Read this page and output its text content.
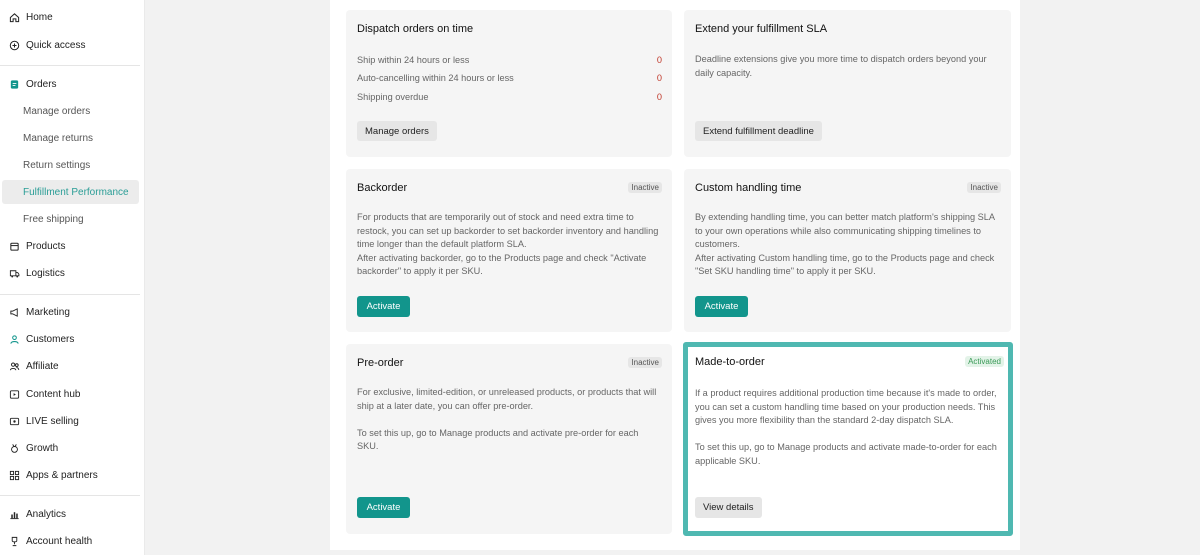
Home
Quick access
Orders
Manage orders
Manage returns
Return settings
Fulfillment Performance
Free shipping
Products
Logistics
Marketing
Customers
Affiliate
Content hub
LIVE selling
Growth
Apps & partners
Analytics
Account health
Dispatch orders on time
Ship within 24 hours or less	0
Auto-cancelling within 24 hours or less	0
Shipping overdue	0
Manage orders
Extend your fulfillment SLA
Deadline extensions give you more time to dispatch orders beyond your daily capacity.
Extend fulfillment deadline
Backorder	Inactive
For products that are temporarily out of stock and need extra time to restock, you can set up backorder to set backorder inventory and handling time longer than the default platform SLA.
After activating backorder, go to the Products page and check "Activate backorder" to apply it per SKU.
Activate
Custom handling time	Inactive
By extending handling time, you can better match platform's shipping SLA to your own operations while also communicating shipping timelines to customers.
After activating Custom handling time, go to the Products page and check "Set SKU handling time" to apply it per SKU.
Activate
Pre-order	Inactive
For exclusive, limited-edition, or unreleased products, or products that will ship at a later date, you can offer pre-order.
To set this up, go to Manage products and activate pre-order for each SKU.
Activate
Made-to-order	Activated
If a product requires additional production time because it's made to order, you can set a custom handling time based on your production needs. This gives you more flexibility than the standard 2-day dispatch SLA.
To set this up, go to Manage products and activate made-to-order for each applicable SKU.
View details
